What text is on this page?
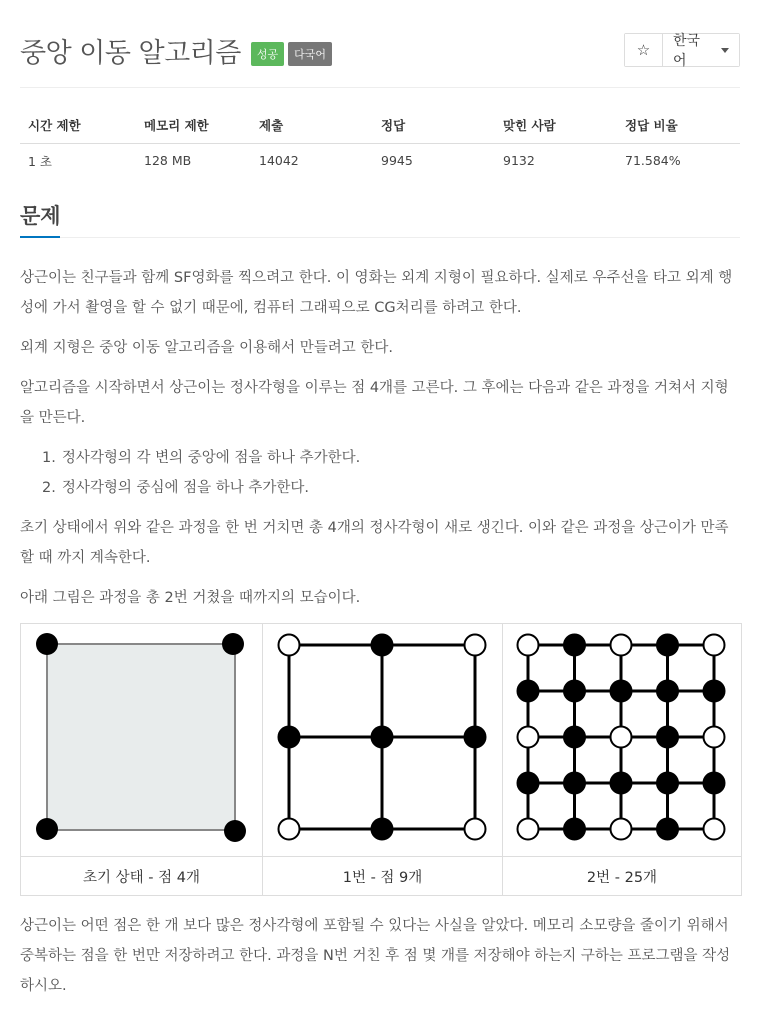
중앙 이동 알고리즘	성공	다국어	☆ 한국어
시간 제한	메모리 제한	제출	정답	맞힌 사람	정답 비율
1 초	128 MB	14042	9945	9132	71.584%
문제

상근이는 친구들과 함께 SF영화를 찍으려고 한다. 이 영화는 외계 지형이 필요하다. 실제로 우주선을 타고 외계 행성에 가서 촬영을 할 수 없기 때문에, 컴퓨터 그래픽으로 CG처리를 하려고 한다.

외계 지형은 중앙 이동 알고리즘을 이용해서 만들려고 한다.

알고리즘을 시작하면서 상근이는 정사각형을 이루는 점 4개를 고른다. 그 후에는 다음과 같은 과정을 거쳐서 지형을 만든다.

1. 정사각형의 각 변의 중앙에 점을 하나 추가한다.
2. 정사각형의 중심에 점을 하나 추가한다.

초기 상태에서 위와 같은 과정을 한 번 거치면 총 4개의 정사각형이 새로 생긴다. 이와 같은 과정을 상근이가 만족할 때 까지 계속한다.

아래 그림은 과정을 총 2번 거쳤을 때까지의 모습이다.

초기 상태 - 점 4개	1번 - 점 9개	2번 - 25개

상근이는 어떤 점은 한 개 보다 많은 정사각형에 포함될 수 있다는 사실을 알았다. 메모리 소모량을 줄이기 위해서 중복하는 점을 한 번만 저장하려고 한다. 과정을 N번 거친 후 점 몇 개를 저장해야 하는지 구하는 프로그램을 작성하시오.
